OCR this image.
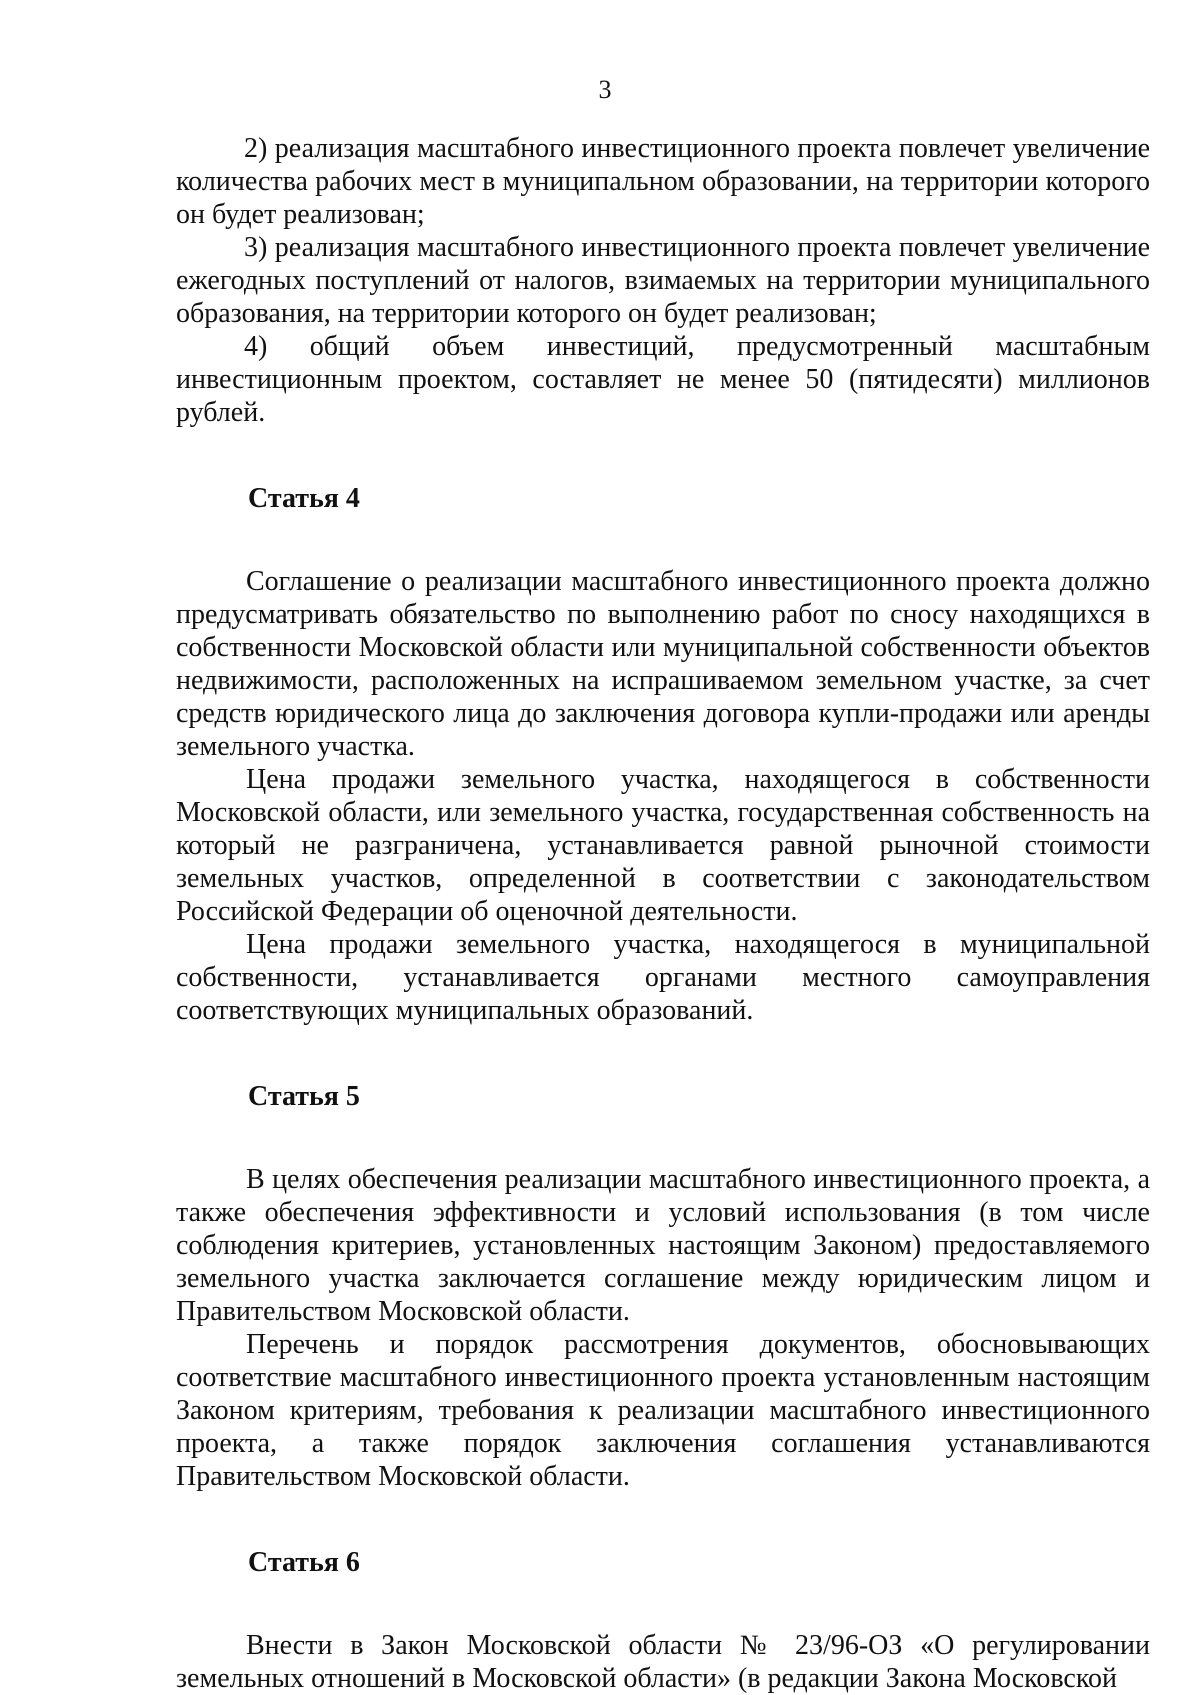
3

2) реализация масштабного инвестиционного проекта повлечет увеличение количества рабочих мест в муниципальном образовании, на территории которого он будет реализован;

3) реализация масштабного инвестиционного проекта повлечет увеличение ежегодных поступлений от налогов, взимаемых на территории муниципального образования, на территории которого он будет реализован;

4) общий объем инвестиций, предусмотренный масштабным инвестиционным проектом, составляет не менее 50 (пятидесяти) миллионов рублей.

Статья 4

Соглашение о реализации масштабного инвестиционного проекта должно предусматривать обязательство по выполнению работ по сносу находящихся в собственности Московской области или муниципальной собственности объектов недвижимости, расположенных на испрашиваемом земельном участке, за счет средств юридического лица до заключения договора купли-продажи или аренды земельного участка.

Цена продажи земельного участка, находящегося в собственности Московской области, или земельного участка, государственная собственность на который не разграничена, устанавливается равной рыночной стоимости земельных участков, определенной в соответствии с законодательством Российской Федерации об оценочной деятельности.

Цена продажи земельного участка, находящегося в муниципальной собственности, устанавливается органами местного самоуправления соответствующих муниципальных образований.

Статья 5

В целях обеспечения реализации масштабного инвестиционного проекта, а также обеспечения эффективности и условий использования (в том числе соблюдения критериев, установленных настоящим Законом) предоставляемого земельного участка заключается соглашение между юридическим лицом и Правительством Московской области.

Перечень и порядок рассмотрения документов, обосновывающих соответствие масштабного инвестиционного проекта установленным настоящим Законом критериям, требования к реализации масштабного инвестиционного проекта, а также порядок заключения соглашения устанавливаются Правительством Московской области.

Статья 6

Внести в Закон Московской области № 23/96-ОЗ «О регулировании земельных отношений в Московской области» (в редакции Закона Московской
